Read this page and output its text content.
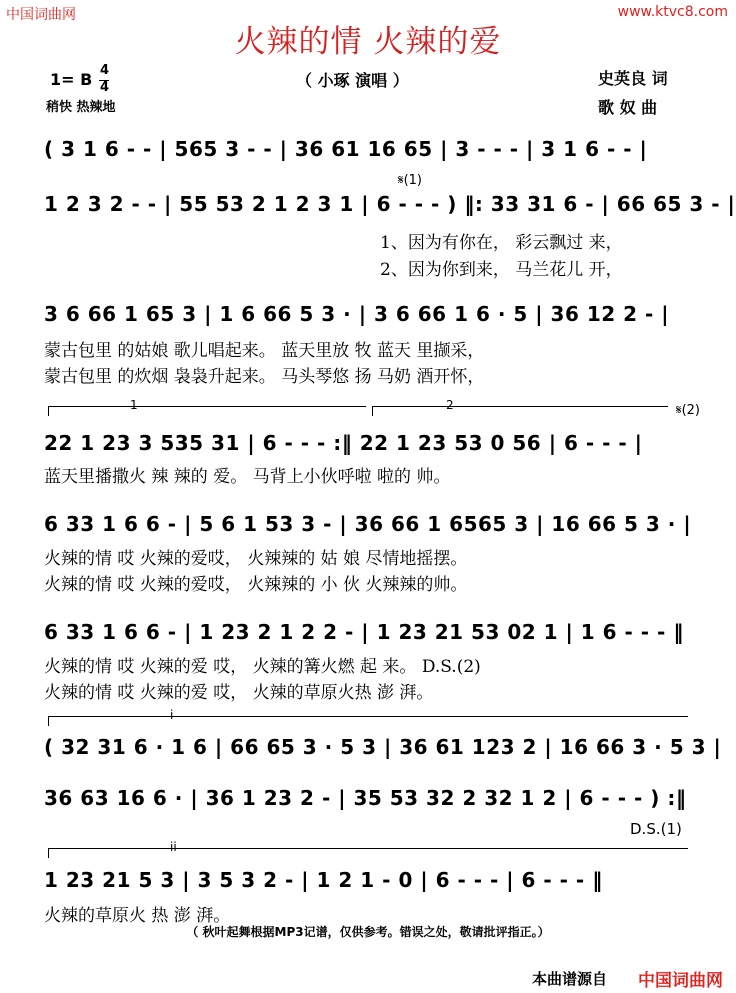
中国词曲网	www.ktvc8.com
火辣的情 火辣的爱
1= B 4
4
稍快 热辣地
（ 小琢 演唱 ）	史英良 词
歌 奴 曲
( 3 1 6 - - | 565 3 - - | 36 61 16 65 | 3 - - - | 3 1 6 - - |
𝄋(1)
1 2 3 2 - - | 55 53 2 1 2 3 1 | 6 - - - ) ‖: 33 31 6 - | 66 65 3 - |
1、因为有你在， 彩云飘过 来，
2、因为你到来， 马兰花儿 开，
3 6 66 1 65 3 | 1 6 66 5 3 · | 3 6 66 1 6 · 5 | 36 12 2 - |
蒙古包里 的姑娘 歌儿唱起来。 蓝天里放 牧 蓝天 里撷采，
蒙古包里 的炊烟 袅袅升起来。 马头琴悠 扬 马奶 酒开怀，
1	2	𝄋(2)
22 1 23 3 535 31 | 6 - - - :‖ 22 1 23 53 0 56 | 6 - - - |
蓝天里播撒火 辣 辣的 爱。 马背上小伙呼啦 啦的 帅。
6 33 1 6 6 - | 5 6 1 53 3 - | 36 66 1 6565 3 | 16 66 5 3 · |
火辣的情 哎 火辣的爱哎， 火辣辣的 姑 娘 尽情地摇摆。
火辣的情 哎 火辣的爱哎， 火辣辣的 小 伙 火辣辣的帅。
6 33 1 6 6 - | 1 23 2 1 2 2 - | 1 23 21 53 02 1 | 1 6 - - - ‖
火辣的情 哎 火辣的爱 哎， 火辣的篝火燃 起 来。 D.S.(2)
火辣的情 哎 火辣的爱 哎， 火辣的草原火热 澎 湃。
i
( 32 31 6 · 1 6 | 66 65 3 · 5 3 | 36 61 123 2 | 16 66 3 · 5 3 |
36 63 16 6 · | 36 1 23 2 - | 35 53 32 2 32 1 2 | 6 - - - ) :‖
D.S.(1)
ii
1 23 21 5 3 | 3 5 3 2 - | 1 2 1 - 0 | 6 - - - | 6 - - - ‖
火辣的草原火 热 澎 湃。
（ 秋叶起舞根据MP3记谱，仅供参考。错误之处，敬请批评指正。）
本曲谱源自 中国词曲网
